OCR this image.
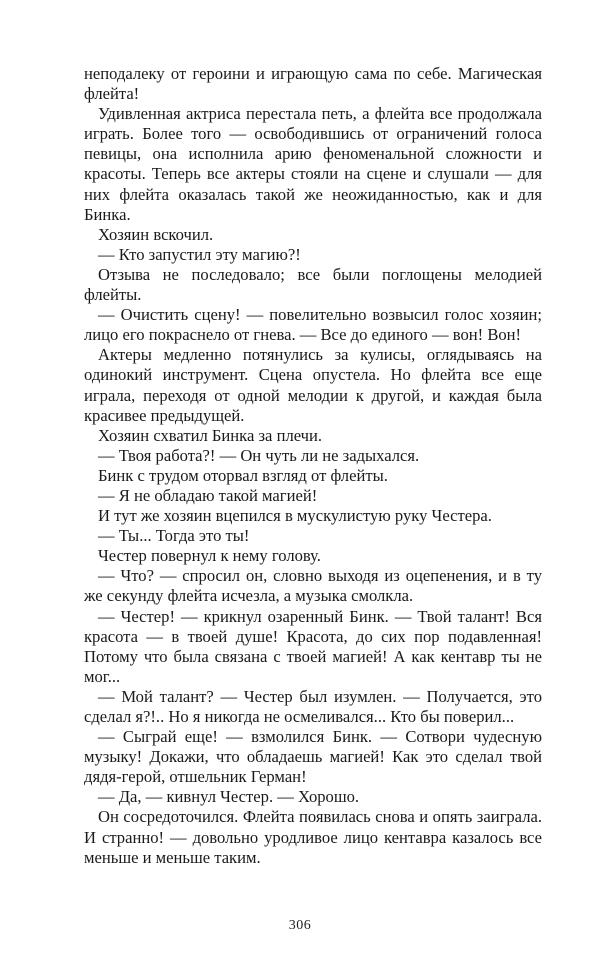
неподалеку от героини и играющую сама по себе. Магическая флейта!

Удивленная актриса перестала петь, а флейта все продолжала играть. Более того — освободившись от ограничений голоса певицы, она исполнила арию феноменальной сложности и красоты. Теперь все актеры стояли на сцене и слушали — для них флейта оказалась такой же неожиданностью, как и для Бинка.

Хозяин вскочил.

— Кто запустил эту магию?!

Отзыва не последовало; все были поглощены мелодией флейты.

— Очистить сцену! — повелительно возвысил голос хозяин; лицо его покраснело от гнева. — Все до единого — вон! Вон!

Актеры медленно потянулись за кулисы, оглядываясь на одинокий инструмент. Сцена опустела. Но флейта все еще играла, переходя от одной мелодии к другой, и каждая была красивее предыдущей.

Хозяин схватил Бинка за плечи.

— Твоя работа?! — Он чуть ли не задыхался.

Бинк с трудом оторвал взгляд от флейты.

— Я не обладаю такой магией!

И тут же хозяин вцепился в мускулистую руку Честера.

— Ты... Тогда это ты!

Честер повернул к нему голову.

— Что? — спросил он, словно выходя из оцепенения, и в ту же секунду флейта исчезла, а музыка смолкла.

— Честер! — крикнул озаренный Бинк. — Твой талант! Вся красота — в твоей душе! Красота, до сих пор подавленная! Потому что была связана с твоей магией! А как кентавр ты не мог...

— Мой талант? — Честер был изумлен. — Получается, это сделал я?!.. Но я никогда не осмеливался... Кто бы поверил...

— Сыграй еще! — взмолился Бинк. — Сотвори чудесную музыку! Докажи, что обладаешь магией! Как это сделал твой дядя-герой, отшельник Герман!

— Да, — кивнул Честер. — Хорошо.

Он сосредоточился. Флейта появилась снова и опять заиграла. И странно! — довольно уродливое лицо кентавра казалось все меньше и меньше таким.

306
